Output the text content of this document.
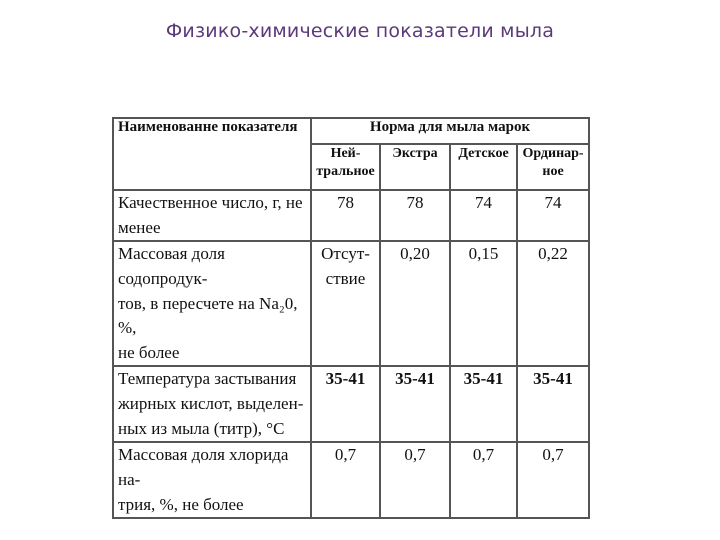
Физико-химические показатели мыла
Наименованне показателя	Норма для мыла марок			
	Ней-
тральное	Экстра	Детское	Ординар-
ное
Качественное число, г, не
менее	78	78	74	74
Массовая доля содопродук-
тов, в пересчете на Na₂0, %,
не более	Отсут-
ствие	0,20	0,15	0,22
Температура застывания
жирных кислот, выделен-
ных из мыла (титр), °С	35-41	35-41	35-41	35-41
Массовая доля хлорида на-
трия, %, не более	0,7	0,7	0,7	0,7
